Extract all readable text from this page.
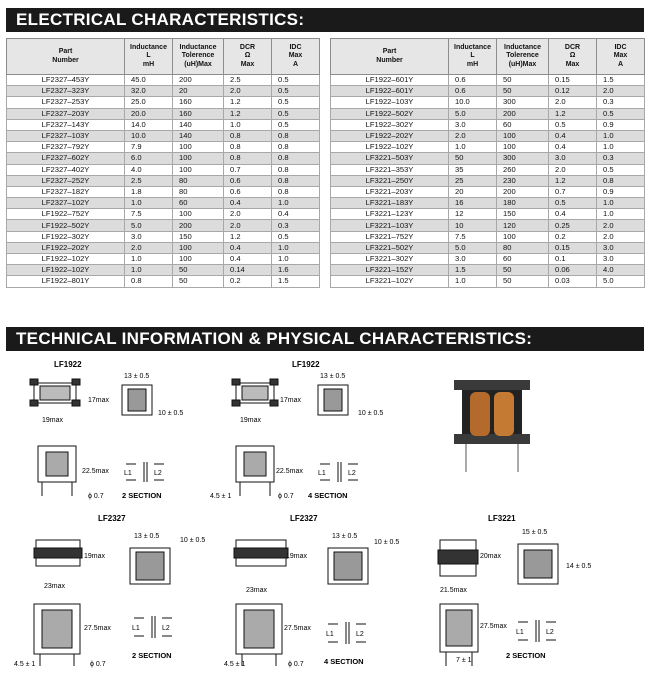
ELECTRICAL CHARACTERISTICS:
Part
Number	Inductance
L
mH	Inductance
Tolerence
(uH)Max	DCR
Ω
Max	IDC
Max
A
LF2327–453Y	45.0	200	2.5	0.5
LF2327–323Y	32.0	20	2.0	0.5
LF2327–253Y	25.0	160	1.2	0.5
LF2327–203Y	20.0	160	1.2	0.5
LF2327–143Y	14.0	140	1.0	0.5
LF2327–103Y	10.0	140	0.8	0.8
LF2327–792Y	7.9	100	0.8	0.8
LF2327–602Y	6.0	100	0.8	0.8
LF2327–402Y	4.0	100	0.7	0.8
LF2327–252Y	2.5	80	0.6	0.8
LF2327–182Y	1.8	80	0.6	0.8
LF2327–102Y	1.0	60	0.4	1.0
LF1922–752Y	7.5	100	2.0	0.4
LF1922–502Y	5.0	200	2.0	0.3
LF1922–302Y	3.0	150	1.2	0.5
LF1922–202Y	2.0	100	0.4	1.0
LF1922–102Y	1.0	100	0.4	1.0
LF1922–102Y	1.0	50	0.14	1.6
LF1922–801Y	0.8	50	0.2	1.5
Part
Number	Inductance
L
mH	Inductance
Tolerence
(uH)Max	DCR
Ω
Max	IDC
Max
A
LF1922–601Y	0.6	50	0.15	1.5
LF1922–601Y	0.6	50	0.12	2.0
LF1922–103Y	10.0	300	2.0	0.3
LF1922–502Y	5.0	200	1.2	0.5
LF1922–302Y	3.0	60	0.5	0.9
LF1922–202Y	2.0	100	0.4	1.0
LF1922–102Y	1.0	100	0.4	1.0
LF3221–503Y	50	300	3.0	0.3
LF3221–353Y	35	260	2.0	0.5
LF3221–250Y	25	230	1.2	0.8
LF3221–203Y	20	200	0.7	0.9
LF3221–183Y	16	180	0.5	1.0
LF3221–123Y	12	150	0.4	1.0
LF3221–103Y	10	120	0.25	2.0
LF3221–752Y	7.5	100	0.2	2.0
LF3221–502Y	5.0	80	0.15	3.0
LF3221–302Y	3.0	60	0.1	3.0
LF3221–152Y	1.5	50	0.06	4.0
LF3221–102Y	1.0	50	0.03	5.0
TECHNICAL INFORMATION & PHYSICAL CHARACTERISTICS:
LF1922
17max
19max
13 ± 0.5
10 ± 0.5
22.5max
ϕ 0.7
L1	L2
2 SECTION
LF1922
17max
19max
13 ± 0.5
10 ± 0.5
22.5max
4.5 ± 1	ϕ 0.7
L1	L2
4 SECTION
LF2327
19max
23max
13 ± 0.5
10 ± 0.5
27.5max
4.5 ± 1	ϕ 0.7
L1	L2
2 SECTION
LF2327
19max
23max
13 ± 0.5
10 ± 0.5
27.5max
4.5 ± 1	ϕ 0.7
L1	L2
4 SECTION
LF3221
20max
21.5max
15 ± 0.5
14 ± 0.5
27.5max
7 ± 1
L1	L2
2 SECTION
